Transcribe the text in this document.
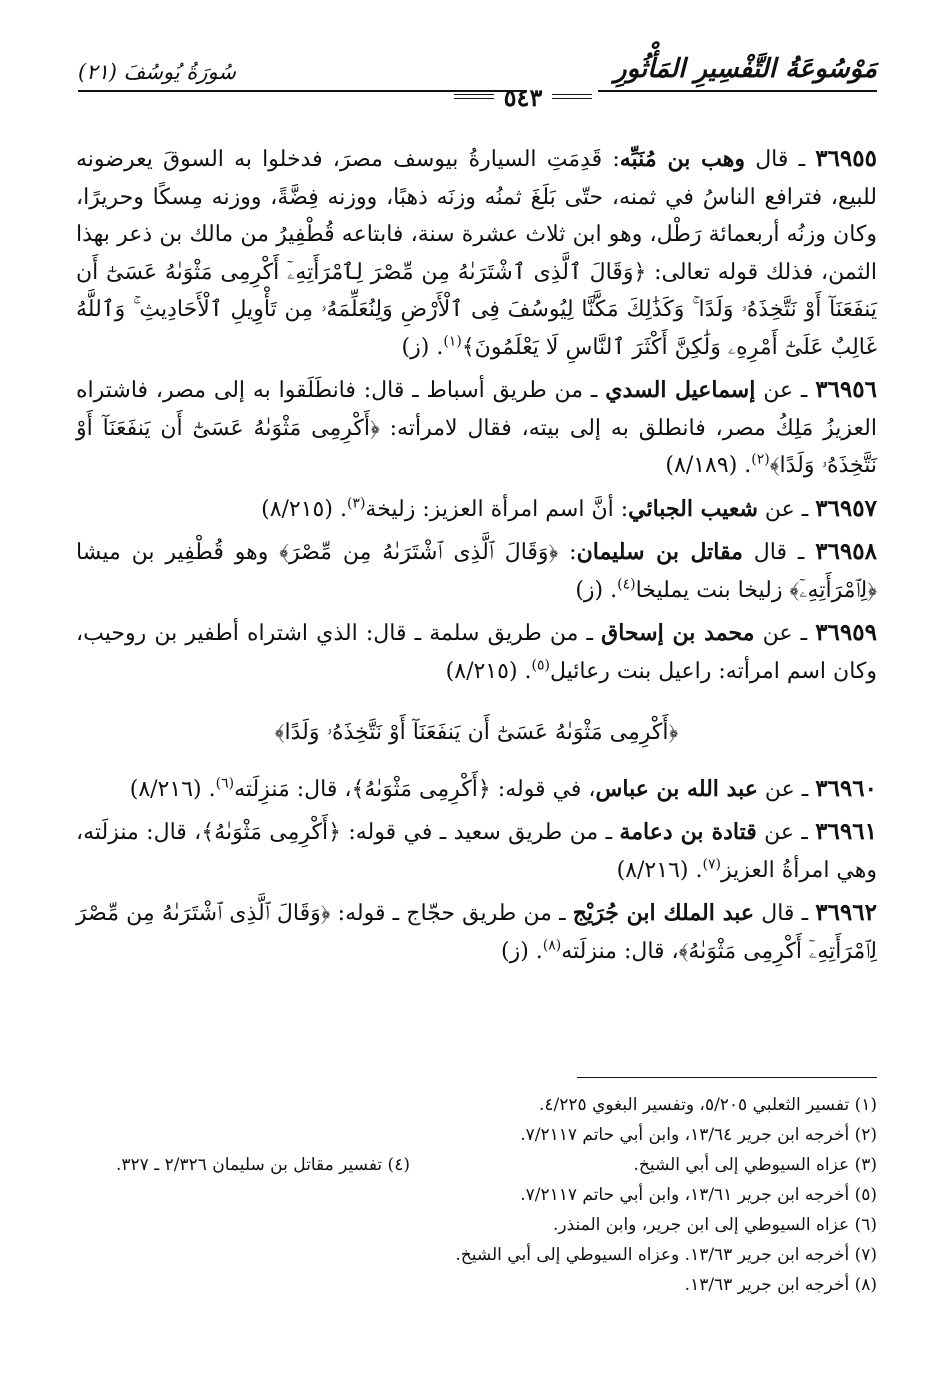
مَوْسُوعَةُ التَّفْسِيرِ المَأْثُورِ
سُورَةُ يُوسُفَ (٢١)
٥٤٣

٣٦٩٥٥ ـ قال وهب بن مُنَبِّه: قَدِمَتِ السيارةُ بيوسف مصرَ، فدخلوا به السوقَ يعرضونه للبيع، فترافع الناسُ في ثمنه، حتّى بَلَغَ ثمنُه وزنَه ذهبًا، ووزنه فِضَّةً، ووزنه مِسكًا وحريرًا، وكان وزنُه أربعمائة رَطْل، وهو ابن ثلاث عشرة سنة، فابتاعه قُطْفِيرُ من مالك بن ذعر بهذا الثمن، فذلك قوله تعالى: ﴿وَقَالَ ٱلَّذِى ٱشْتَرَىٰهُ مِن مِّصْرَ لِٱمْرَأَتِهِۦٓ أَكْرِمِى مَثْوَىٰهُ عَسَىٰٓ أَن يَنفَعَنَآ أَوْ نَتَّخِذَهُۥ وَلَدًا ۚ وَكَذَٰلِكَ مَكَّنَّا لِيُوسُفَ فِى ٱلْأَرْضِ وَلِنُعَلِّمَهُۥ مِن تَأْوِيلِ ٱلْأَحَادِيثِ ۚ وَٱللَّهُ غَالِبٌ عَلَىٰٓ أَمْرِهِۦ وَلَٰكِنَّ أَكْثَرَ ٱلنَّاسِ لَا يَعْلَمُونَ﴾$^{(١)}$. (ز)

٣٦٩٥٦ ـ عن إسماعيل السدي ـ من طريق أسباط ـ قال: فانطَلَقوا به إلى مصر، فاشتراه العزيزُ مَلِكُ مصر، فانطلق به إلى بيته، فقال لامرأته: ﴿أَكْرِمِى مَثْوَىٰهُ عَسَىٰٓ أَن يَنفَعَنَآ أَوْ نَتَّخِذَهُۥ وَلَدًا﴾$^{(٢)}$. (٨/١٨٩)

٣٦٩٥٧ ـ عن شعيب الجبائي: أنَّ اسم امرأة العزيز: زليخة$^{(٣)}$. (٨/٢١٥)

٣٦٩٥٨ ـ قال مقاتل بن سليمان: ﴿وَقَالَ ٱلَّذِى ٱشْتَرَىٰهُ مِن مِّصْرَ﴾ وهو قُطْفِير بن ميشا ﴿لِٱمْرَأَتِهِۦٓ﴾ زليخا بنت يمليخا$^{(٤)}$. (ز)

٣٦٩٥٩ ـ عن محمد بن إسحاق ـ من طريق سلمة ـ قال: الذي اشتراه أطفير بن روحيب، وكان اسم امرأته: راعيل بنت رعائيل$^{(٥)}$. (٨/٢١٥)

﴿أَكْرِمِى مَثْوَىٰهُ عَسَىٰٓ أَن يَنفَعَنَآ أَوْ نَتَّخِذَهُۥ وَلَدًا﴾

٣٦٩٦٠ ـ عن عبد الله بن عباس، في قوله: ﴿أَكْرِمِى مَثْوَىٰهُ﴾، قال: مَنزِلَته$^{(٦)}$. (٨/٢١٦)

٣٦٩٦١ ـ عن قتادة بن دعامة ـ من طريق سعيد ـ في قوله: ﴿أَكْرِمِى مَثْوَىٰهُ﴾، قال: منزلَته، وهي امرأةُ العزيز$^{(٧)}$. (٨/٢١٦)

٣٦٩٦٢ ـ قال عبد الملك ابن جُرَيْج ـ من طريق حجّاج ـ قوله: ﴿وَقَالَ ٱلَّذِى ٱشْتَرَىٰهُ مِن مِّصْرَ لِٱمْرَأَتِهِۦٓ أَكْرِمِى مَثْوَىٰهُ﴾، قال: منزلَته$^{(٨)}$. (ز)

(١) تفسير الثعلبي ٥/٢٠٥، وتفسير البغوي ٤/٢٢٥.
(٢) أخرجه ابن جرير ١٣/٦٤، وابن أبي حاتم ٧/٢١١٧.
(٣) عزاه السيوطي إلى أبي الشيخ.
(٤) تفسير مقاتل بن سليمان ٢/٣٢٦ ـ ٣٢٧.
(٥) أخرجه ابن جرير ١٣/٦١، وابن أبي حاتم ٧/٢١١٧.
(٦) عزاه السيوطي إلى ابن جرير، وابن المنذر.
(٧) أخرجه ابن جرير ١٣/٦٣. وعزاه السيوطي إلى أبي الشيخ.
(٨) أخرجه ابن جرير ١٣/٦٣.
